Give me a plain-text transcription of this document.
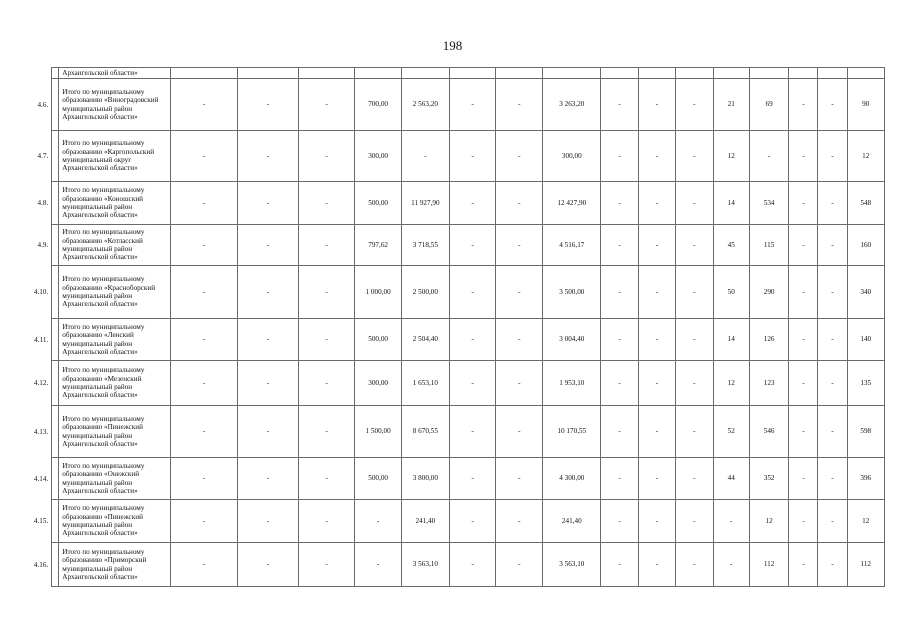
198
	Архангельской области»																

4.6.	Итого по муниципальному образованию «Виноградовский муниципальный район Архангельской области»	-	-	-	700,00	2 563,20	-	-	3 263,20	-	-	-	21	69	-	-	90

4.7.	Итого по муниципальному образованию «Каргопольский муниципальный округ Архангельской области»	-	-	-	300,00	-	-	-	300,00	-	-	-	12	-	-	-	12

4.8.	Итого по муниципальному образованию «Коношский муниципальный район Архангельской области»	-	-	-	500,00	11 927,90	-	-	12 427,90	-	-	-	14	534	-	-	548

4.9.	Итого по муниципальному образованию «Котласский муниципальный район Архангельской области»	-	-	-	797,62	3 718,55	-	-	4 516,17	-	-	-	45	115	-	-	160

4.10.	Итого по муниципальному образованию «Красноборский муниципальный район Архангельской области»	-	-	-	1 000,00	2 500,00	-	-	3 500,00	-	-	-	50	290	-	-	340

4.11.	Итого по муниципальному образованию «Ленский муниципальный район Архангельской области»	-	-	-	500,00	2 504,40	-	-	3 004,40	-	-	-	14	126	-	-	140

4.12.	Итого по муниципальному образованию «Мезенский муниципальный район Архангельской области»	-	-	-	300,00	1 653,10	-	-	1 953,10	-	-	-	12	123	-	-	135

4.13.	Итого по муниципальному образованию «Пинежский муниципальный район Архангельской области»	-	-	-	1 500,00	8 670,55	-	-	10 170,55	-	-	-	52	546	-	-	598

4.14.	Итого по муниципальному образованию «Онежский муниципальный район Архангельской области»	-	-	-	500,00	3 800,00	-	-	4 300,00	-	-	-	44	352	-	-	396

4.15.	Итого по муниципальному образованию «Пинежский муниципальный район Архангельской области»	-	-	-	-	241,40	-	-	241,40	-	-	-	-	12	-	-	12

4.16.	Итого по муниципальному образованию «Приморский муниципальный район Архангельской области»	-	-	-	-	3 563,10	-	-	3 563,10	-	-	-	-	112	-	-	112
